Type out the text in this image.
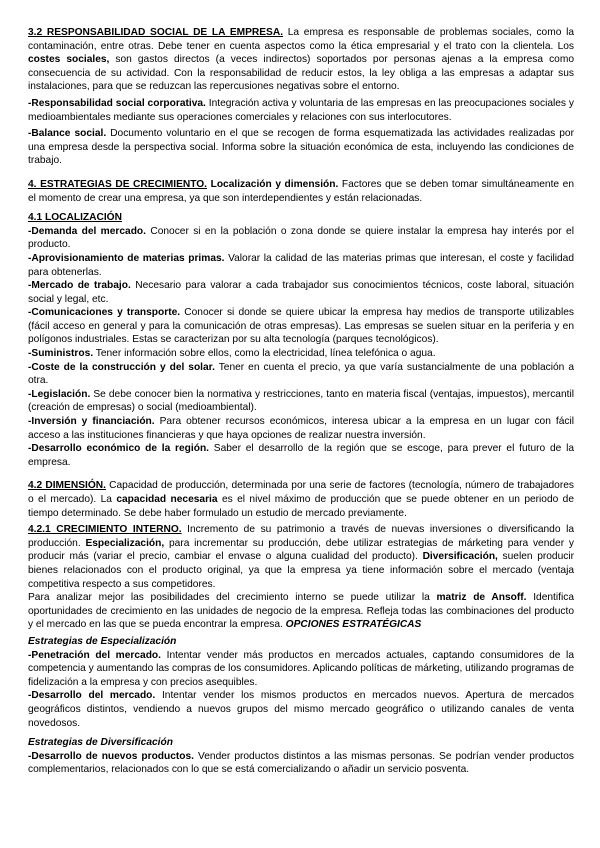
3.2 RESPONSABILIDAD SOCIAL DE LA EMPRESA. La empresa es responsable de problemas sociales, como la contaminación, entre otras. Debe tener en cuenta aspectos como la ética empresarial y el trato con la clientela. Los costes sociales, son gastos directos (a veces indirectos) soportados por personas ajenas a la empresa como consecuencia de su actividad. Con la responsabilidad de reducir estos, la ley obliga a las empresas a adaptar sus instalaciones, para que se reduzcan las repercusiones negativas sobre el entorno.

-Responsabilidad social corporativa. Integración activa y voluntaria de las empresas en las preocupaciones sociales y medioambientales mediante sus operaciones comerciales y relaciones con sus interlocutores.

-Balance social. Documento voluntario en el que se recogen de forma esquematizada las actividades realizadas por una empresa desde la perspectiva social. Informa sobre la situación económica de esta, incluyendo las condiciones de trabajo.

4. ESTRATEGIAS DE CRECIMIENTO. Localización y dimensión. Factores que se deben tomar simultáneamente en el momento de crear una empresa, ya que son interdependientes y están relacionadas.

4.1 LOCALIZACIÓN

-Demanda del mercado. Conocer si en la población o zona donde se quiere instalar la empresa hay interés por el producto.

-Aprovisionamiento de materias primas. Valorar la calidad de las materias primas que interesan, el coste y facilidad para obtenerlas.

-Mercado de trabajo. Necesario para valorar a cada trabajador sus conocimientos técnicos, coste laboral, situación social y legal, etc.

-Comunicaciones y transporte. Conocer si donde se quiere ubicar la empresa hay medios de transporte utilizables (fácil acceso en general y para la comunicación de otras empresas). Las empresas se suelen situar en la periferia y en polígonos industriales. Estas se caracterizan por su alta tecnología (parques tecnológicos).

-Suministros. Tener información sobre ellos, como la electricidad, línea telefónica o agua.

-Coste de la construcción y del solar. Tener en cuenta el precio, ya que varía sustancialmente de una población a otra.

-Legislación. Se debe conocer bien la normativa y restricciones, tanto en materia fiscal (ventajas, impuestos), mercantil (creación de empresas) o social (medioambiental).

-Inversión y financiación. Para obtener recursos económicos, interesa ubicar a la empresa en un lugar con fácil acceso a las instituciones financieras y que haya opciones de realizar nuestra inversión.

-Desarrollo económico de la región. Saber el desarrollo de la región que se escoge, para prever el futuro de la empresa.

4.2 DIMENSIÓN. Capacidad de producción, determinada por una serie de factores (tecnología, número de trabajadores o el mercado). La capacidad necesaria es el nivel máximo de producción que se puede obtener en un periodo de tiempo determinado. Se debe haber formulado un estudio de mercado previamente.

4.2.1 CRECIMIENTO INTERNO. Incremento de su patrimonio a través de nuevas inversiones o diversificando la producción. Especialización, para incrementar su producción, debe utilizar estrategias de márketing para vender y producir más (variar el precio, cambiar el envase o alguna cualidad del producto). Diversificación, suelen producir bienes relacionados con el producto original, ya que la empresa ya tiene información sobre el mercado (ventaja competitiva respecto a sus competidores.

Para analizar mejor las posibilidades del crecimiento interno se puede utilizar la matriz de Ansoff. Identifica oportunidades de crecimiento en las unidades de negocio de la empresa. Refleja todas las combinaciones del producto y el mercado en las que se pueda encontrar la empresa. OPCIONES ESTRATÉGICAS

Estrategias de Especialización

-Penetración del mercado. Intentar vender más productos en mercados actuales, captando consumidores de la competencia y aumentando las compras de los consumidores. Aplicando políticas de márketing, utilizando programas de fidelización a la empresa y con precios asequibles.

-Desarrollo del mercado. Intentar vender los mismos productos en mercados nuevos. Apertura de mercados geográficos distintos, vendiendo a nuevos grupos del mismo mercado geográfico o utilizando canales de venta novedosos.

Estrategias de Diversificación

-Desarrollo de nuevos productos. Vender productos distintos a las mismas personas. Se podrían vender productos complementarios, relacionados con lo que se está comercializando o añadir un servicio posventa.
